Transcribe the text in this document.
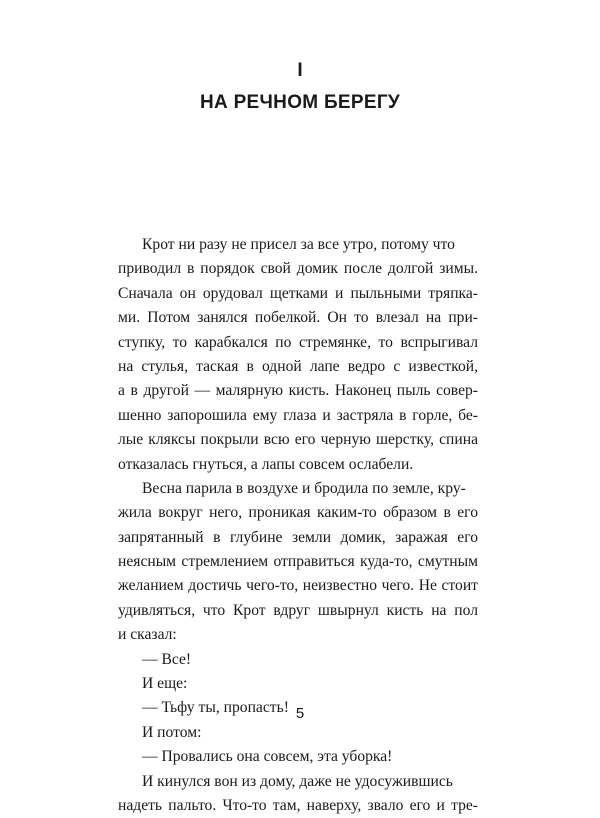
I
НА РЕЧНОМ БЕРЕГУ
Крот ни разу не присел за все утро, потому что
приводил в порядок свой домик после долгой зимы.
Сначала он орудовал щетками и пыльными тряпка-
ми. Потом занялся побелкой. Он то влезал на при-
ступку, то карабкался по стремянке, то вспрыгивал
на стулья, таская в одной лапе ведро с известкой,
а в другой — малярную кисть. Наконец пыль совер-
шенно запорошила ему глаза и застряла в горле, бе-
лые кляксы покрыли всю его черную шерстку, спина
отказалась гнуться, а лапы совсем ослабели.
Весна парила в воздухе и бродила по земле, кру-
жила вокруг него, проникая каким-то образом в его
запрятанный в глубине земли домик, заражая его
неясным стремлением отправиться куда-то, смутным
желанием достичь чего-то, неизвестно чего. Не стоит
удивляться, что Крот вдруг швырнул кисть на пол
и сказал:
— Все!
И еще:
— Тьфу ты, пропасть!
И потом:
— Провались она совсем, эта уборка!
И кинулся вон из дому, даже не удосужившись
надеть пальто. Что-то там, наверху, звало его и тре-
5
